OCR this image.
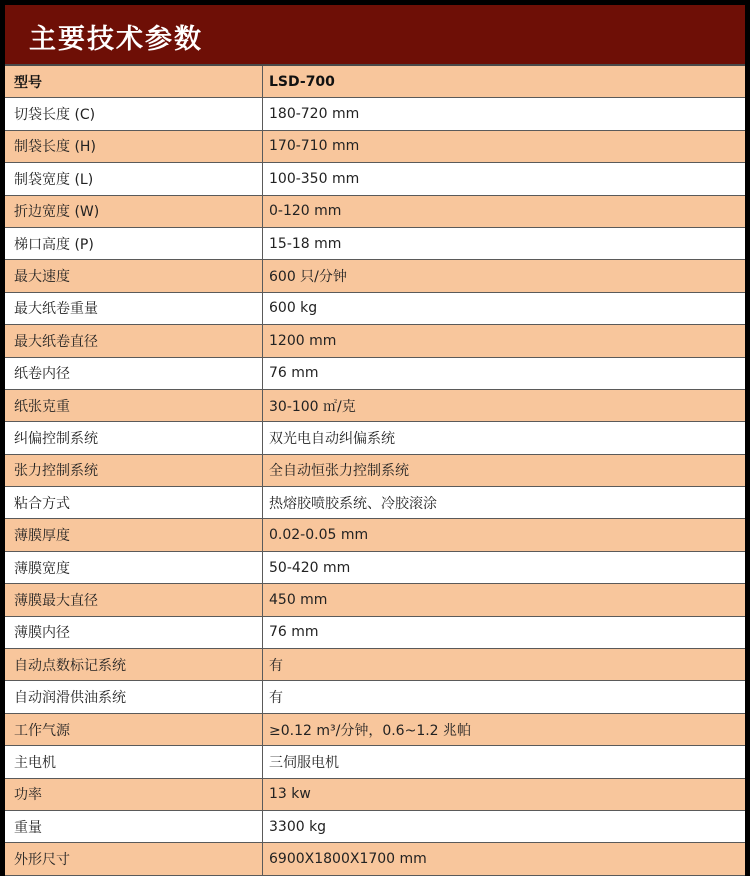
主要技术参数
型号	LSD-700
切袋长度 (C)	180-720 mm
制袋长度 (H)	170-710 mm
制袋宽度 (L)	100-350 mm
折边宽度 (W)	0-120 mm
梯口高度 (P)	15-18 mm
最大速度	600 只/分钟
最大纸卷重量	600 kg
最大纸卷直径	1200 mm
纸卷内径	76 mm
纸张克重	30-100 ㎡/克
纠偏控制系统	双光电自动纠偏系统
张力控制系统	全自动恒张力控制系统
粘合方式	热熔胶喷胶系统、冷胶滚涂
薄膜厚度	0.02-0.05 mm
薄膜宽度	50-420 mm
薄膜最大直径	450 mm
薄膜内径	76 mm
自动点数标记系统	有
自动润滑供油系统	有
工作气源	≥0.12 m³/分钟，0.6~1.2 兆帕
主电机	三伺服电机
功率	13 kw
重量	3300 kg
外形尺寸	6900X1800X1700 mm
